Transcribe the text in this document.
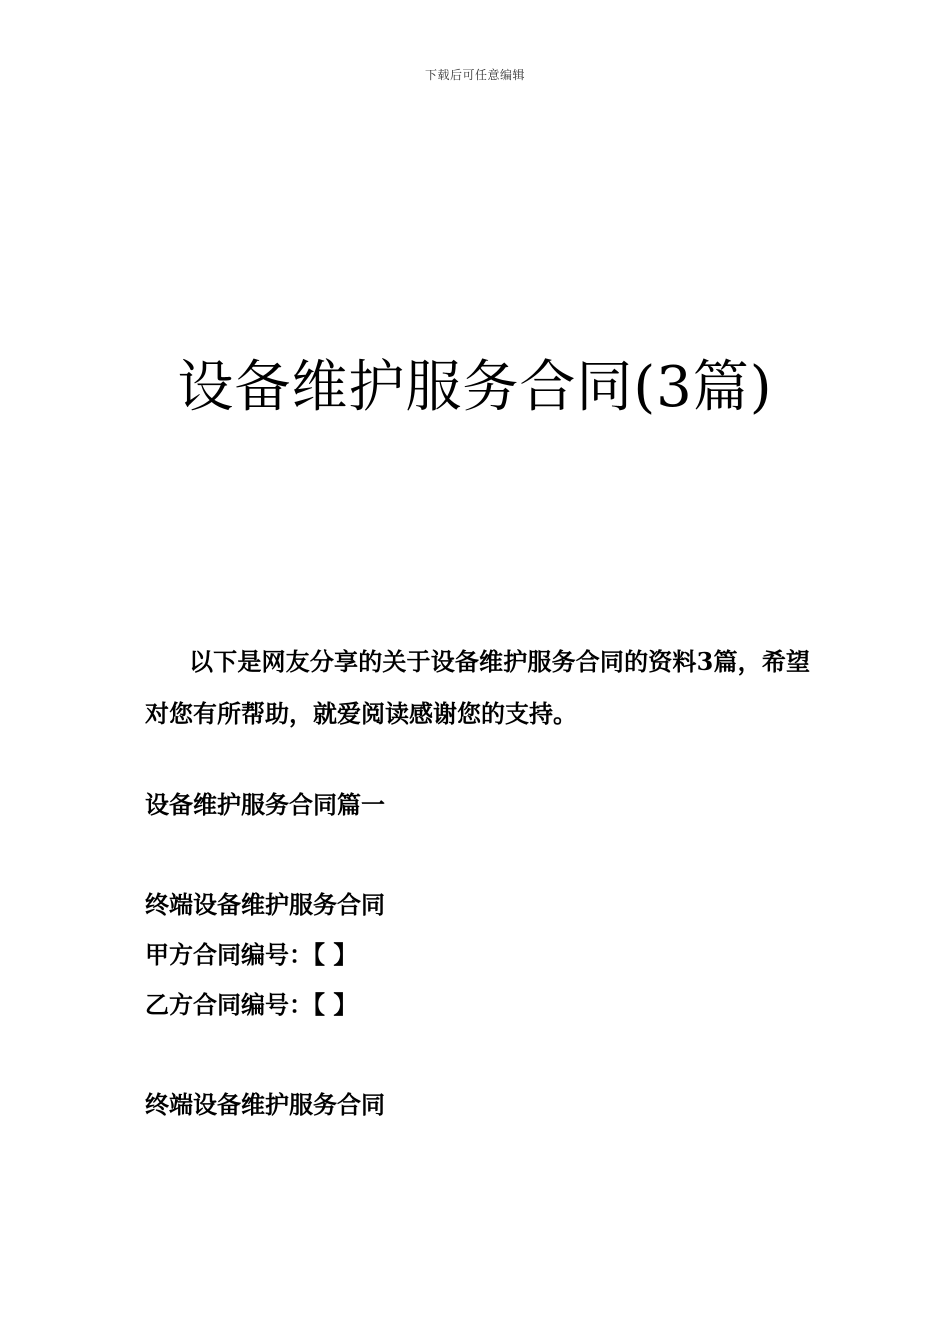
下载后可任意编辑
设备维护服务合同(3篇)

以下是网友分享的关于设备维护服务合同的资料3篇，希望对您有所帮助，就爱阅读感谢您的支持。

设备维护服务合同篇一
终端设备维护服务合同
甲方合同编号：【 】
乙方合同编号：【 】
终端设备维护服务合同
